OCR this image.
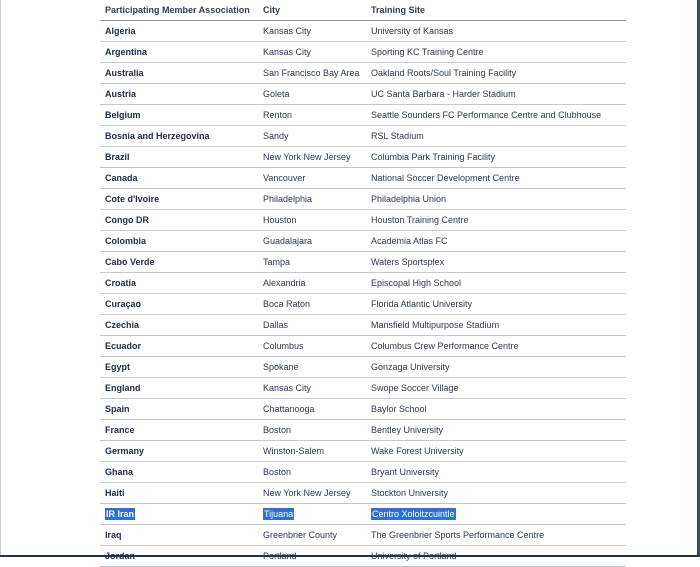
Participating Member Association	City	Training Site
Algeria	Kansas City	University of Kansas
Argentina	Kansas City	Sporting KC Training Centre
Australia	San Francisco Bay Area	Oakland Roots/Soul Training Facility
Austria	Goleta	UC Santa Barbara - Harder Stadium
Belgium	Renton	Seattle Sounders FC Performance Centre and Clubhouse
Bosnia and Herzegovina	Sandy	RSL Stadium
Brazil	New York New Jersey	Columbia Park Training Facility
Canada	Vancouver	National Soccer Development Centre
Cote d'Ivoire	Philadelphia	Philadelphia Union
Congo DR	Houston	Houston Training Centre
Colombia	Guadalajara	Academia Atlas FC
Cabo Verde	Tampa	Waters Sportsplex
Croatia	Alexandria	Episcopal High School
Curaçao	Boca Raton	Florida Atlantic University
Czechia	Dallas	Mansfield Multipurpose Stadium
Ecuador	Columbus	Columbus Crew Performance Centre
Egypt	Spokane	Gonzaga University
England	Kansas City	Swope Soccer Village
Spain	Chattanooga	Baylor School
France	Boston	Bentley University
Germany	Winston-Salem	Wake Forest University
Ghana	Boston	Bryant University
Haiti	New York New Jersey	Stockton University
IR Iran	Tijuana	Centro Xoloitzcuintle
Iraq	Greenbrier County	The Greenbrier Sports Performance Centre
